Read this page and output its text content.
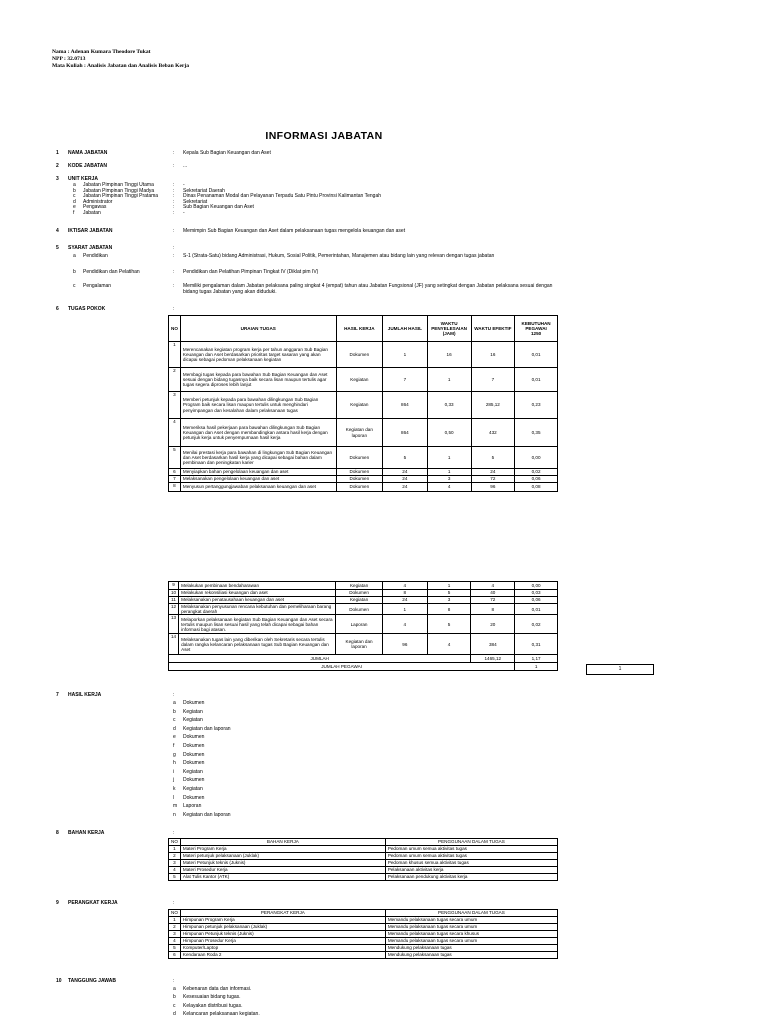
Nama : Adenan Kumara Theodore Tukat
NPP : 32.0713
Mata Kuliah : Analisis Jabatan dan Analisis Beban Kerja
INFORMASI JABATAN
1 NAMA JABATAN	: Kepala Sub Bagian Keuangan dan Aset
2 KODE JABATAN	: ...
3 UNIT KERJA
a Jabatan Pimpinan Tinggi Utama	: -
b Jabatan Pimpinan Tinggi Madya	: Sekretariat Daerah
c Jabatan Pimpinan Tinggi Pratama	: Dinas Penanaman Modal dan Pelayanan Terpadu Satu Pintu Provinsi Kalimantan Tengah
d Administrator	: Sekretariat
e Pengawas	: Sub Bagian Keuangan dan Aset
f Jabatan	: -
4 IKTISAR JABATAN	: Memimpin Sub Bagian Keuangan dan Aset dalam pelaksanaan tugas mengelola keuangan dan aset
5 SYARAT JABATAN	:
a Pendidikan	: S-1 (Strata-Satu) bidang Administrasi, Hukum, Sosial Politik, Pemerintahan, Manajemen atau bidang lain yang relevan dengan tugas jabatan
b Pendidikan dan Pelatihan	: Pendidikan dan Pelatihan Pimpinan Tingkat IV (Diklat pim IV)
c Pengalaman	: Memiliki pengalaman dalam Jabatan pelaksana paling singkat 4 (empat) tahun atau Jabatan Fungsional (JF) yang setingkat dengan Jabatan pelaksana sesuai dengan bidang tugas Jabatan yang akan diduduki.
6 TUGAS POKOK	:
NO	URAIAN TUGAS	HASIL KERJA	JUMLAH HASIL	WAKTU PENYELESAIAN (JAM)	WAKTU EFEKTIF	KEBUTUHAN PEGAWAI
1250

1	Merencanakan kegiatan program kerja per tahun anggaran Sub Bagian Keuangan dan Aset berdasarkan prioritas target sasaran yang akan dicapai sebagai pedoman pelaksanaan kegiatan	Dokumen	1	16	16	0,01
2	Membagi tugas kepada para bawahan Sub Bagian Keuangan dan Aset sesuai dengan bidang tugasnya baik secara lisan maupun tertulis agar tugas segera diproses lebih lanjut	Kegiatan	7	1	7	0,01
3	Memberi petunjuk kepada para bawahan dilingkungan Sub Bagian Program baik secara lisan maupun tertulis untuk menghindari penyimpangan dan kesalahan dalam pelaksanaan tugas	Kegiatan	864	0,33	285,12	0,23
4	Memeriksa hasil pekerjaan para bawahan dilingkungan Sub Bagian Keuangan dan Aset dengan membandingkan antara hasil kerja dengan petunjuk kerja untuk penyempurnaan hasil kerja	Kegiatan dan laporan	864	0,50	432	0,35
5	Menilai prestasi kerja para bawahan di lingkungan Sub Bagian Keuangan dan Aset berdasarkan hasil kerja yang dicapai sebagai bahan dalam pembinaan dan peningkatan karier	Dokumen	5	1	5	0,00
6	Menyiapkan bahan pengelolaan keuangan dan aset	Dokumen	24	1	24	0,02
7	Melaksanakan pengelolaan keuangan dan aset	Dokumen	24	3	72	0,06
8	Menyusun pertanggungjawaban pelaksanaan keuangan dan aset	Dokumen	24	4	96	0,08
9	Melakukan pembinaan bendaharawan	Kegiatan	4	1	4	0,00
10	Melakukan rekonsiliasi keuangan dan aset	Dokumen	8	5	40	0,03
11	Melaksanakan penatausahaan keuangan dan aset	Kegiatan	24	3	72	0,06
12	Melaksanakan penyusunan rencana kebutuhan dan pemeliharaan barang perangkat daerah	Dokumen	1	8	8	0,01
13	Melaporkan pelaksanaan kegiatan Sub Bagian Keuangan dan Aset secara tertulis maupun lisan sesuai hasil yang telah dicapai sebagai bahan informasi bagi atasan.	Laporan	4	5	20	0,02
14	Melaksanakan tugas lain yang diberikan oleh Sekretaris secara tertulis dalam rangka kelancaran pelaksanaan tugas Sub Bagian Keuangan dan Aset	Kegiatan dan laporan	96	4	384	0,31
JUMLAH					1465,12	1,17
JUMLAH PEGAWAI						1	1
7 HASIL KERJA	:
a Dokumen
b Kegiatan
c Kegiatan
d Kegiatan dan laporan
e Dokumen
f Dokumen
g Dokumen
h Dokumen
i Kegiatan
j Dokumen
k Kegiatan
l Dokumen
m Laporan
n Kegiatan dan laporan
8 BAHAN KERJA	:
NO	BAHAN KERJA	PENGGUNAAN DALAM TUGAS
1	Materi Program Kerja	Pedoman umum semua aktivitas tugas
2	Materi petunjuk pelaksanaan (Juklak)	Pedoman umum semua aktivitas tugas
3	Materi Petunjuk teknis (Juknis)	Pedoman khusus semua aktivitas tugas
4	Materi Prosedur Kerja	Pelaksanaan aktivitas kerja
5	Alat Tulis Kantor (ATK)	Pelaksanaan pendukung aktivitas kerja
9 PERANGKAT KERJA	:
NO	PERANGKAT KERJA	PENGGUNAAN DALAM TUGAS
1	Himpunan Program Kerja	Memandu pelaksanaan tugas secara umum
2	Himpunan petunjuk pelaksanaan (Juklak)	Memandu pelaksanaan tugas secara umum
3	Himpunan Petunjuk teknis (Juknis)	Memandu pelaksanaan tugas secara khusus
4	Himpunan Prosedur Kerja	Memandu pelaksanaan tugas secara umum
5	Komputer/Laptop	Mendukung pelaksanaan tugas
6	Kendaraan Roda 2	Mendukung pelaksanaan tugas
10 TANGGUNG JAWAB	:
a Kebenaran data dan informasi.
b Kesesuaian bidang tugas.
c Kelayakan distribusi tugas.
d Kelancaran pelaksanaan kegiatan.
